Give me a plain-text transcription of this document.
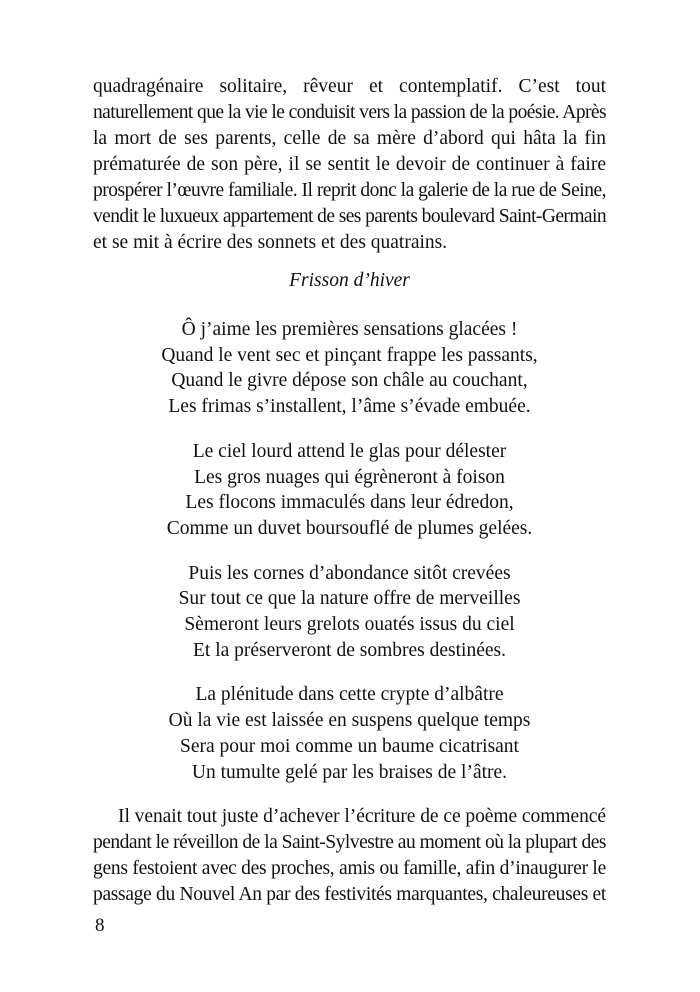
quadragénaire solitaire, rêveur et contemplatif. C’est tout
naturellement que la vie le conduisit vers la passion de la poésie. Après
la mort de ses parents, celle de sa mère d’abord qui hâta la fin
prématurée de son père, il se sentit le devoir de continuer à faire
prospérer l’œuvre familiale. Il reprit donc la galerie de la rue de Seine,
vendit le luxueux appartement de ses parents boulevard Saint-Germain
et se mit à écrire des sonnets et des quatrains.

Frisson d’hiver
Ô j’aime les premières sensations glacées !
Quand le vent sec et pinçant frappe les passants,
Quand le givre dépose son châle au couchant,
Les frimas s’installent, l’âme s’évade embuée.
Le ciel lourd attend le glas pour délester
Les gros nuages qui égrèneront à foison
Les flocons immaculés dans leur édredon,
Comme un duvet boursouflé de plumes gelées.
Puis les cornes d’abondance sitôt crevées
Sur tout ce que la nature offre de merveilles
Sèmeront leurs grelots ouatés issus du ciel
Et la préserveront de sombres destinées.
La plénitude dans cette crypte d’albâtre
Où la vie est laissée en suspens quelque temps
Sera pour moi comme un baume cicatrisant
Un tumulte gelé par les braises de l’âtre.

Il venait tout juste d’achever l’écriture de ce poème commencé
pendant le réveillon de la Saint-Sylvestre au moment où la plupart des
gens festoient avec des proches, amis ou famille, afin d’inaugurer le
passage du Nouvel An par des festivités marquantes, chaleureuses et

8
